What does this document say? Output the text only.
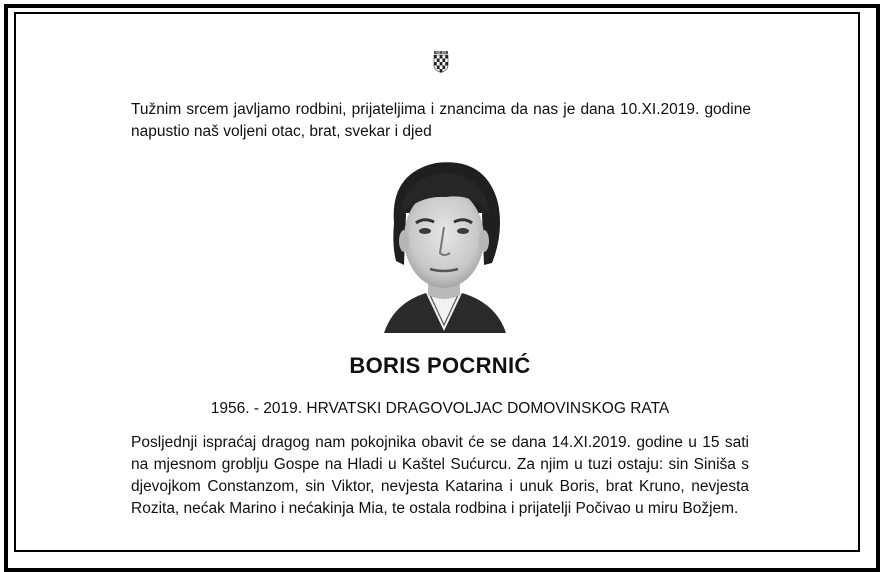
Tužnim srcem javljamo rodbini, prijateljima i znancima da nas je dana 10.XI.2019. godine napustio naš voljeni otac, brat, svekar i djed

BORIS POCRNIĆ

1956. - 2019. HRVATSKI DRAGOVOLJAC DOMOVINSKOG RATA

Posljednji ispraćaj dragog nam pokojnika obavit će se dana 14.XI.2019. godine u 15 sati na mjesnom groblju Gospe na Hladi u Kaštel Sućurcu. Za njim u tuzi ostaju: sin Siniša s djevojkom Constanzom, sin Viktor, nevjesta Katarina i unuk Boris, brat Kruno, nevjesta Rozita, nećak Marino i nećakinja Mia, te ostala rodbina i prijatelji Počivao u miru Božjem.
